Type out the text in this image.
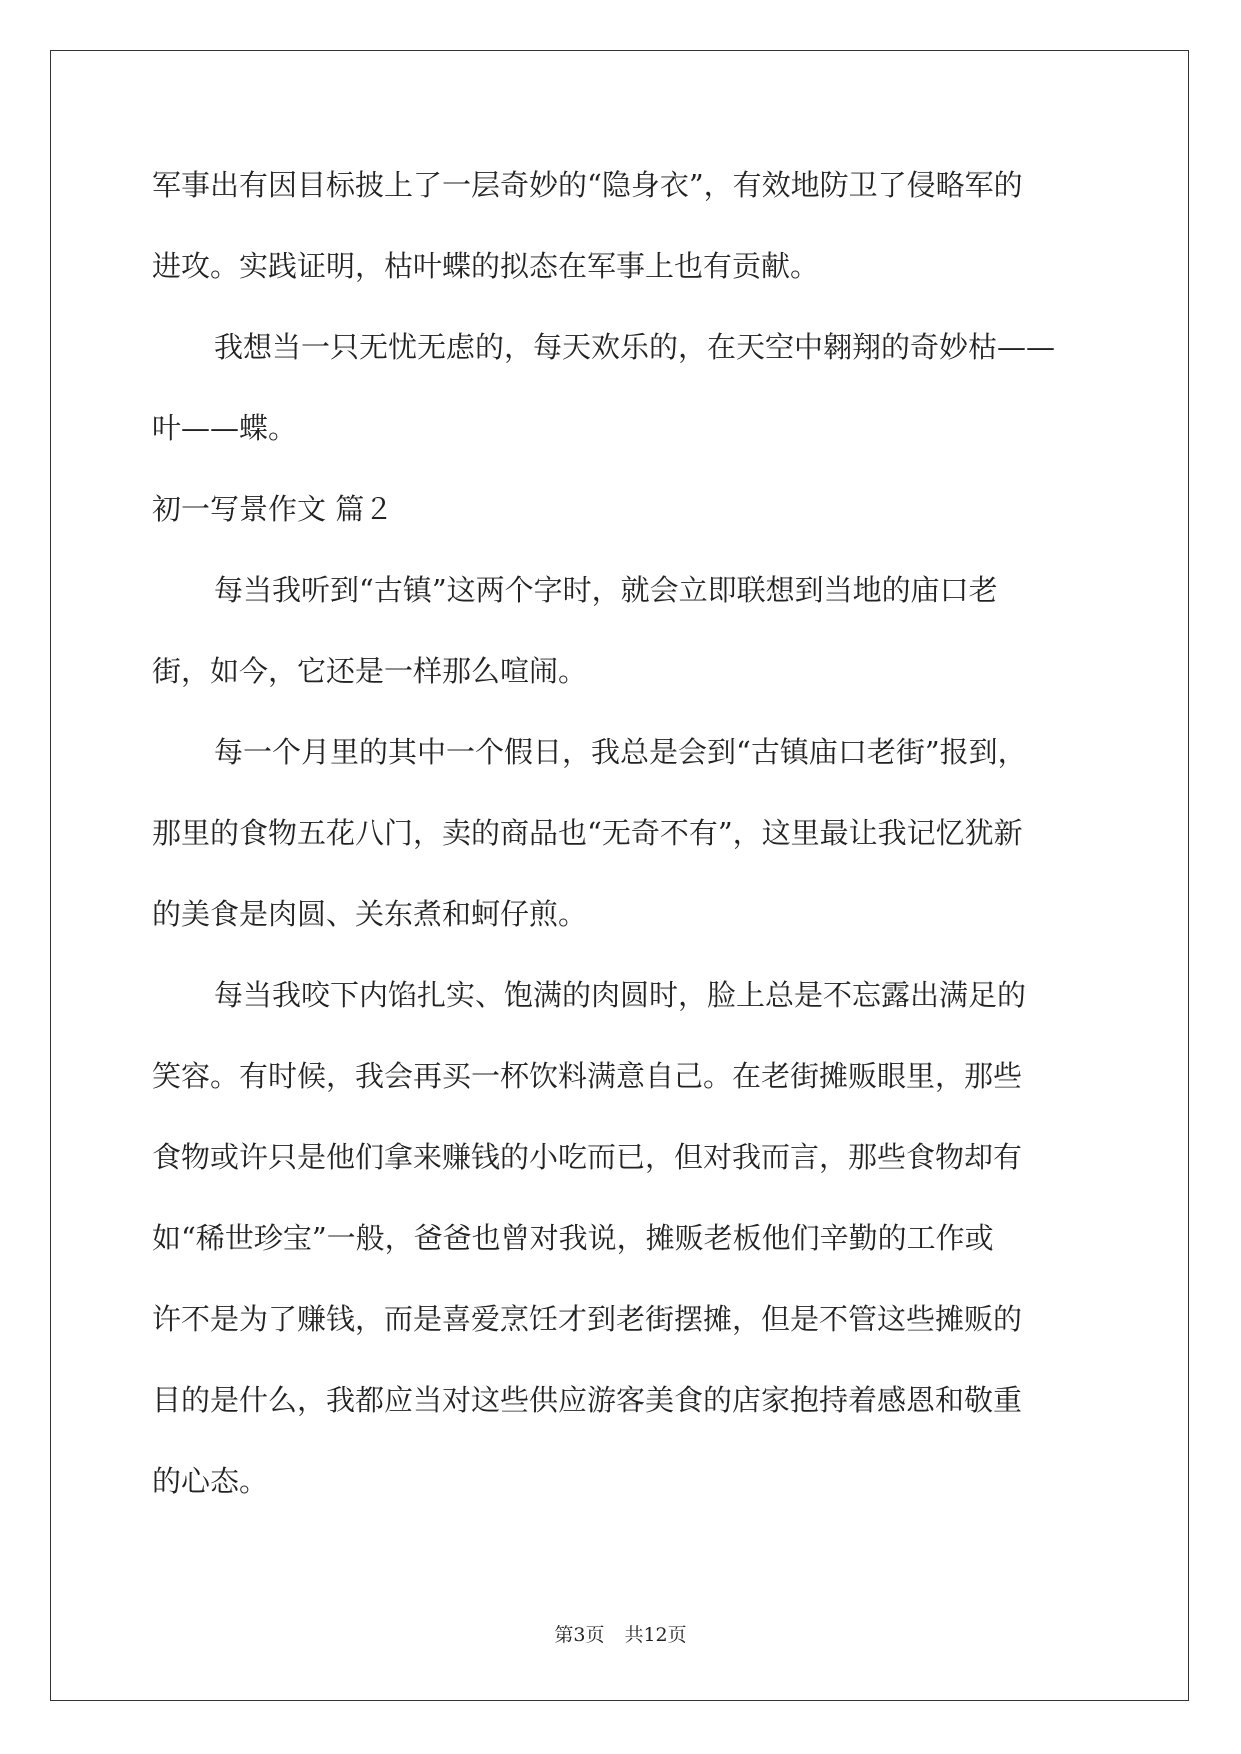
军事出有因目标披上了一层奇妙的“隐身衣”，有效地防卫了侵略军的
进攻。实践证明，枯叶蝶的拟态在军事上也有贡献。
我想当一只无忧无虑的，每天欢乐的，在天空中翱翔的奇妙枯——
叶——蝶。
初一写景作文 篇２
每当我听到“古镇”这两个字时，就会立即联想到当地的庙口老
街，如今，它还是一样那么喧闹。
每一个月里的其中一个假日，我总是会到“古镇庙口老街”报到，
那里的食物五花八门，卖的商品也“无奇不有”，这里最让我记忆犹新
的美食是肉圆、关东煮和蚵仔煎。
每当我咬下内馅扎实、饱满的肉圆时，脸上总是不忘露出满足的
笑容。有时候，我会再买一杯饮料满意自己。在老街摊贩眼里，那些
食物或许只是他们拿来赚钱的小吃而已，但对我而言，那些食物却有
如“稀世珍宝”一般，爸爸也曾对我说，摊贩老板他们辛勤的工作或
许不是为了赚钱，而是喜爱烹饪才到老街摆摊，但是不管这些摊贩的
目的是什么，我都应当对这些供应游客美食的店家抱持着感恩和敬重
的心态。
第3页 共12页
